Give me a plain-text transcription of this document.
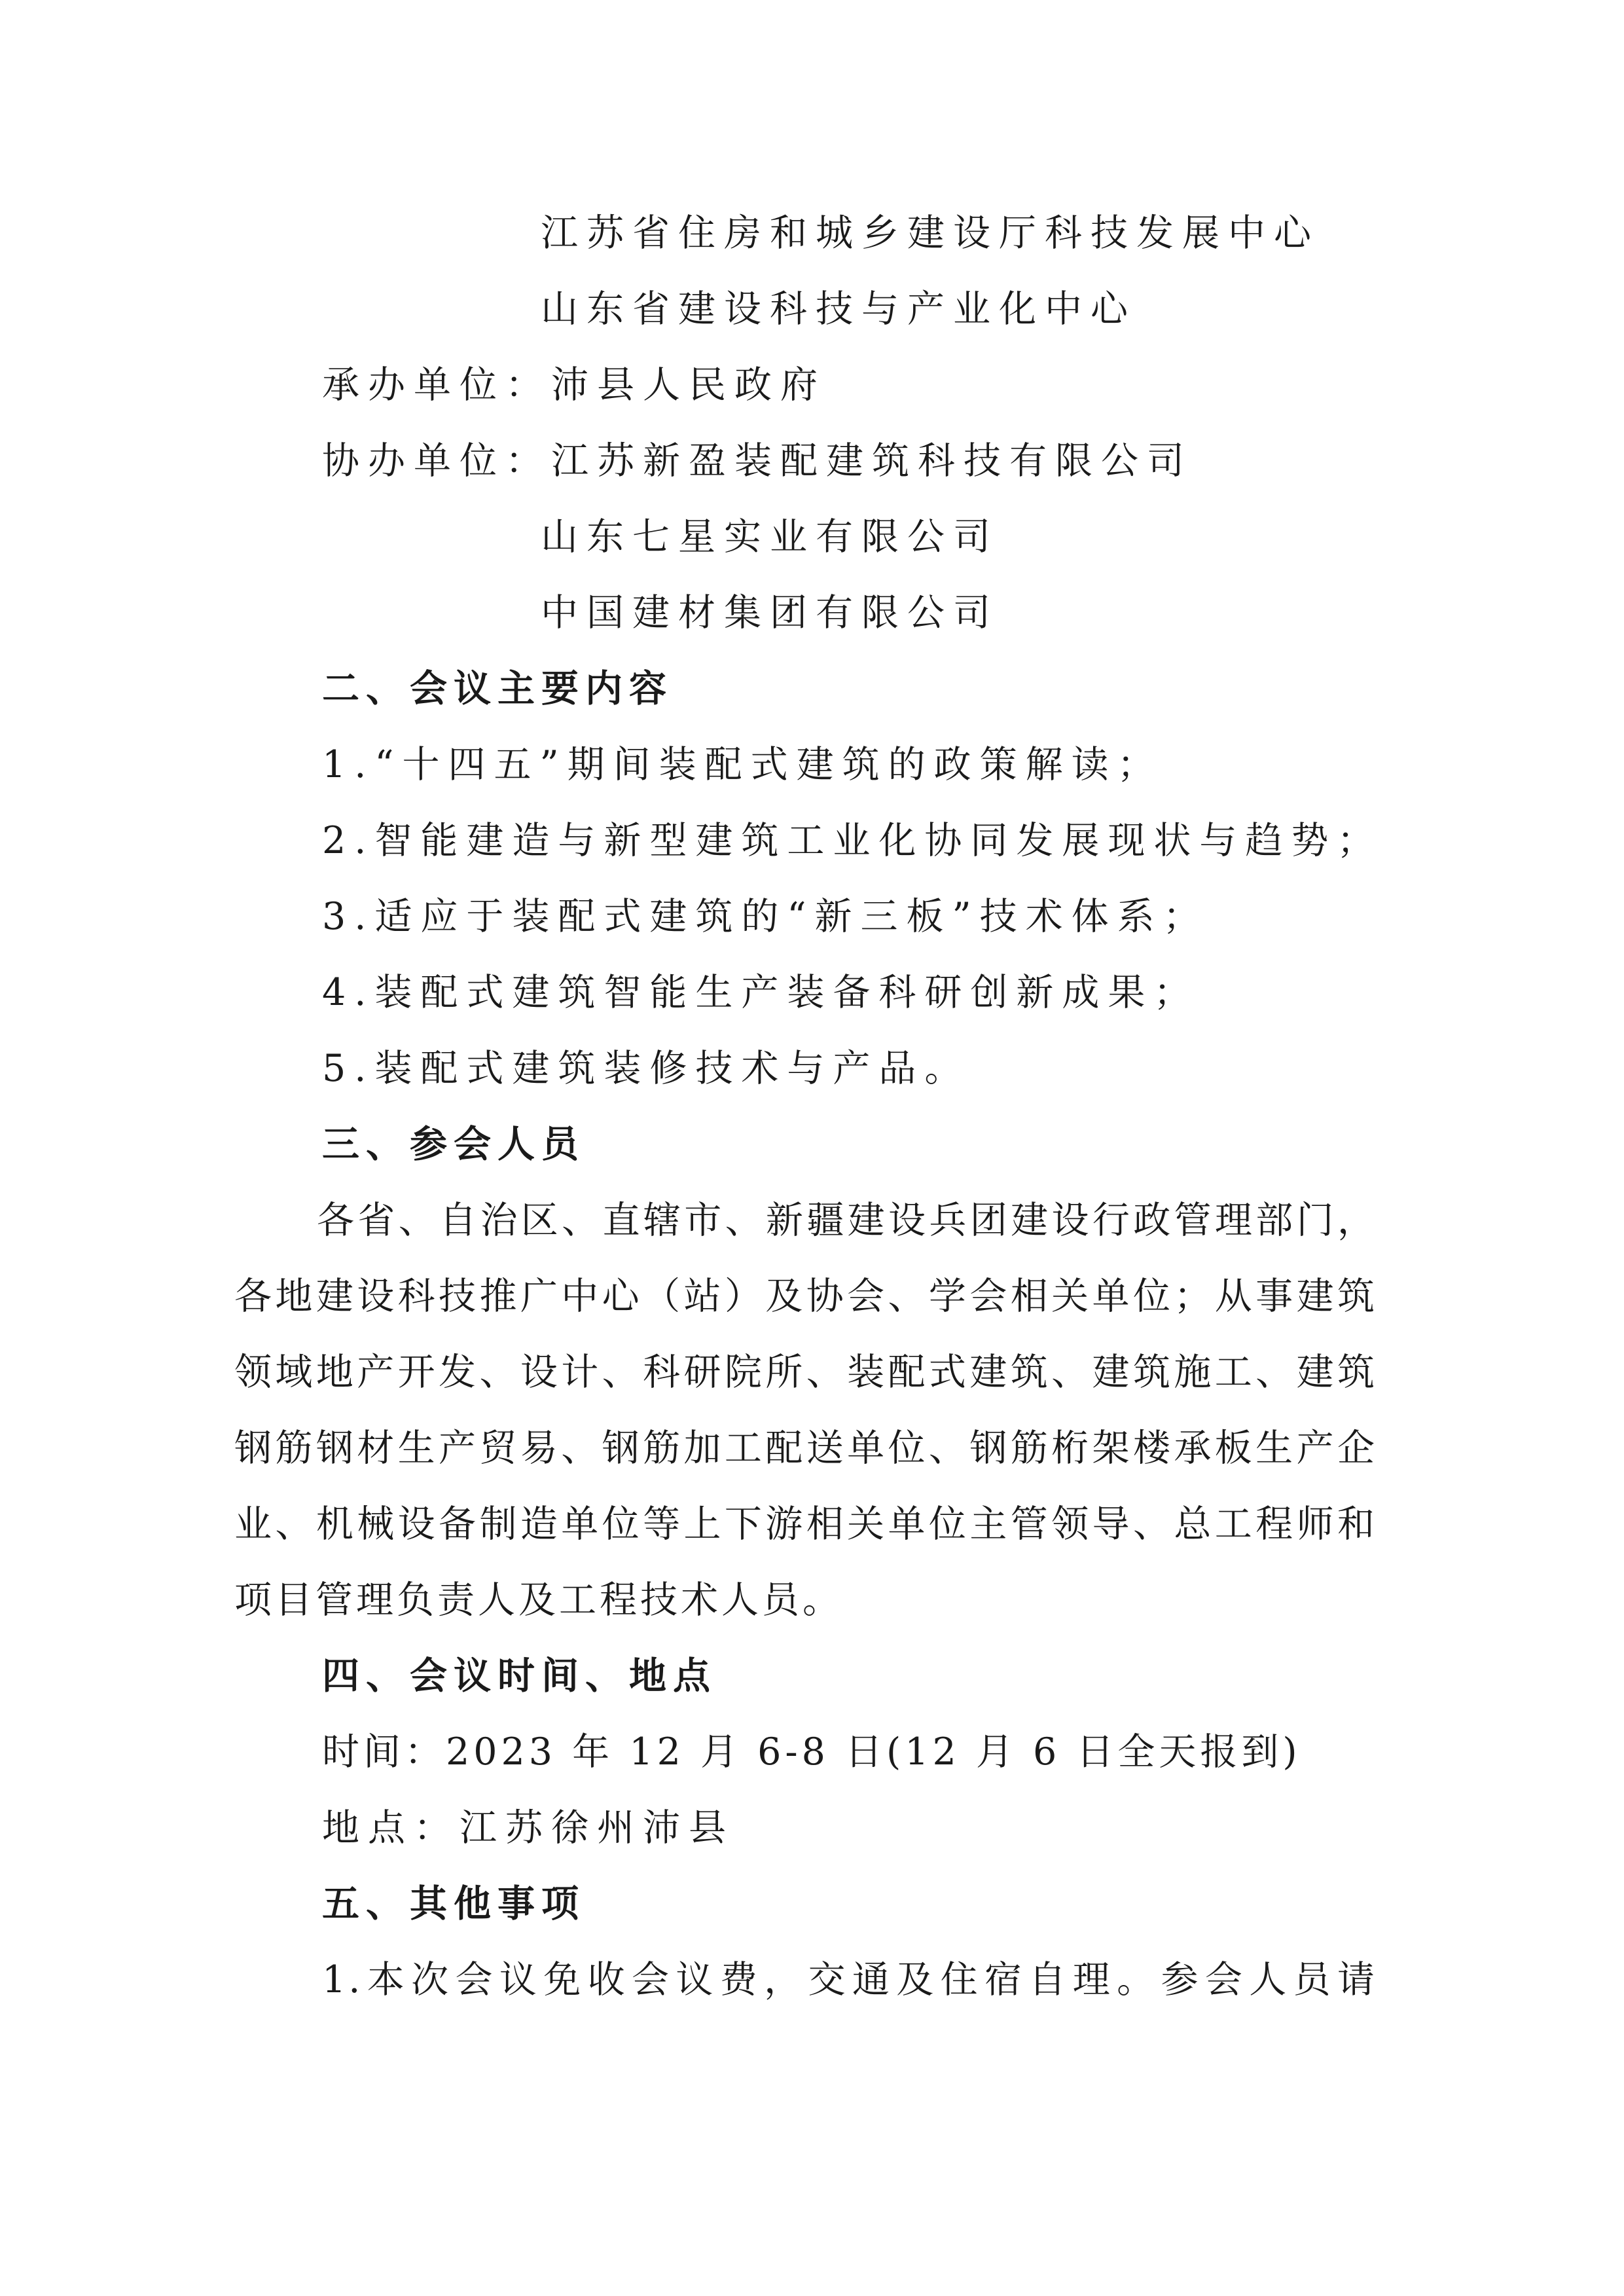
江苏省住房和城乡建设厅科技发展中心

山东省建设科技与产业化中心

承办单位：沛县人民政府

协办单位：江苏新盈装配建筑科技有限公司

山东七星实业有限公司

中国建材集团有限公司

二、会议主要内容

1.“十四五”期间装配式建筑的政策解读；

2.智能建造与新型建筑工业化协同发展现状与趋势；

3.适应于装配式建筑的“新三板”技术体系；

4.装配式建筑智能生产装备科研创新成果；

5.装配式建筑装修技术与产品。

三、参会人员

各省、自治区、直辖市、新疆建设兵团建设行政管理部门，

各地建设科技推广中心（站）及协会、学会相关单位；从事建筑

领域地产开发、设计、科研院所、装配式建筑、建筑施工、建筑

钢筋钢材生产贸易、钢筋加工配送单位、钢筋桁架楼承板生产企

业、机械设备制造单位等上下游相关单位主管领导、总工程师和

项目管理负责人及工程技术人员。

四、会议时间、地点

时间：2023 年 12 月 6-8 日(12 月 6 日全天报到)

地点：江苏徐州沛县

五、其他事项

1.本次会议免收会议费，交通及住宿自理。参会人员请
